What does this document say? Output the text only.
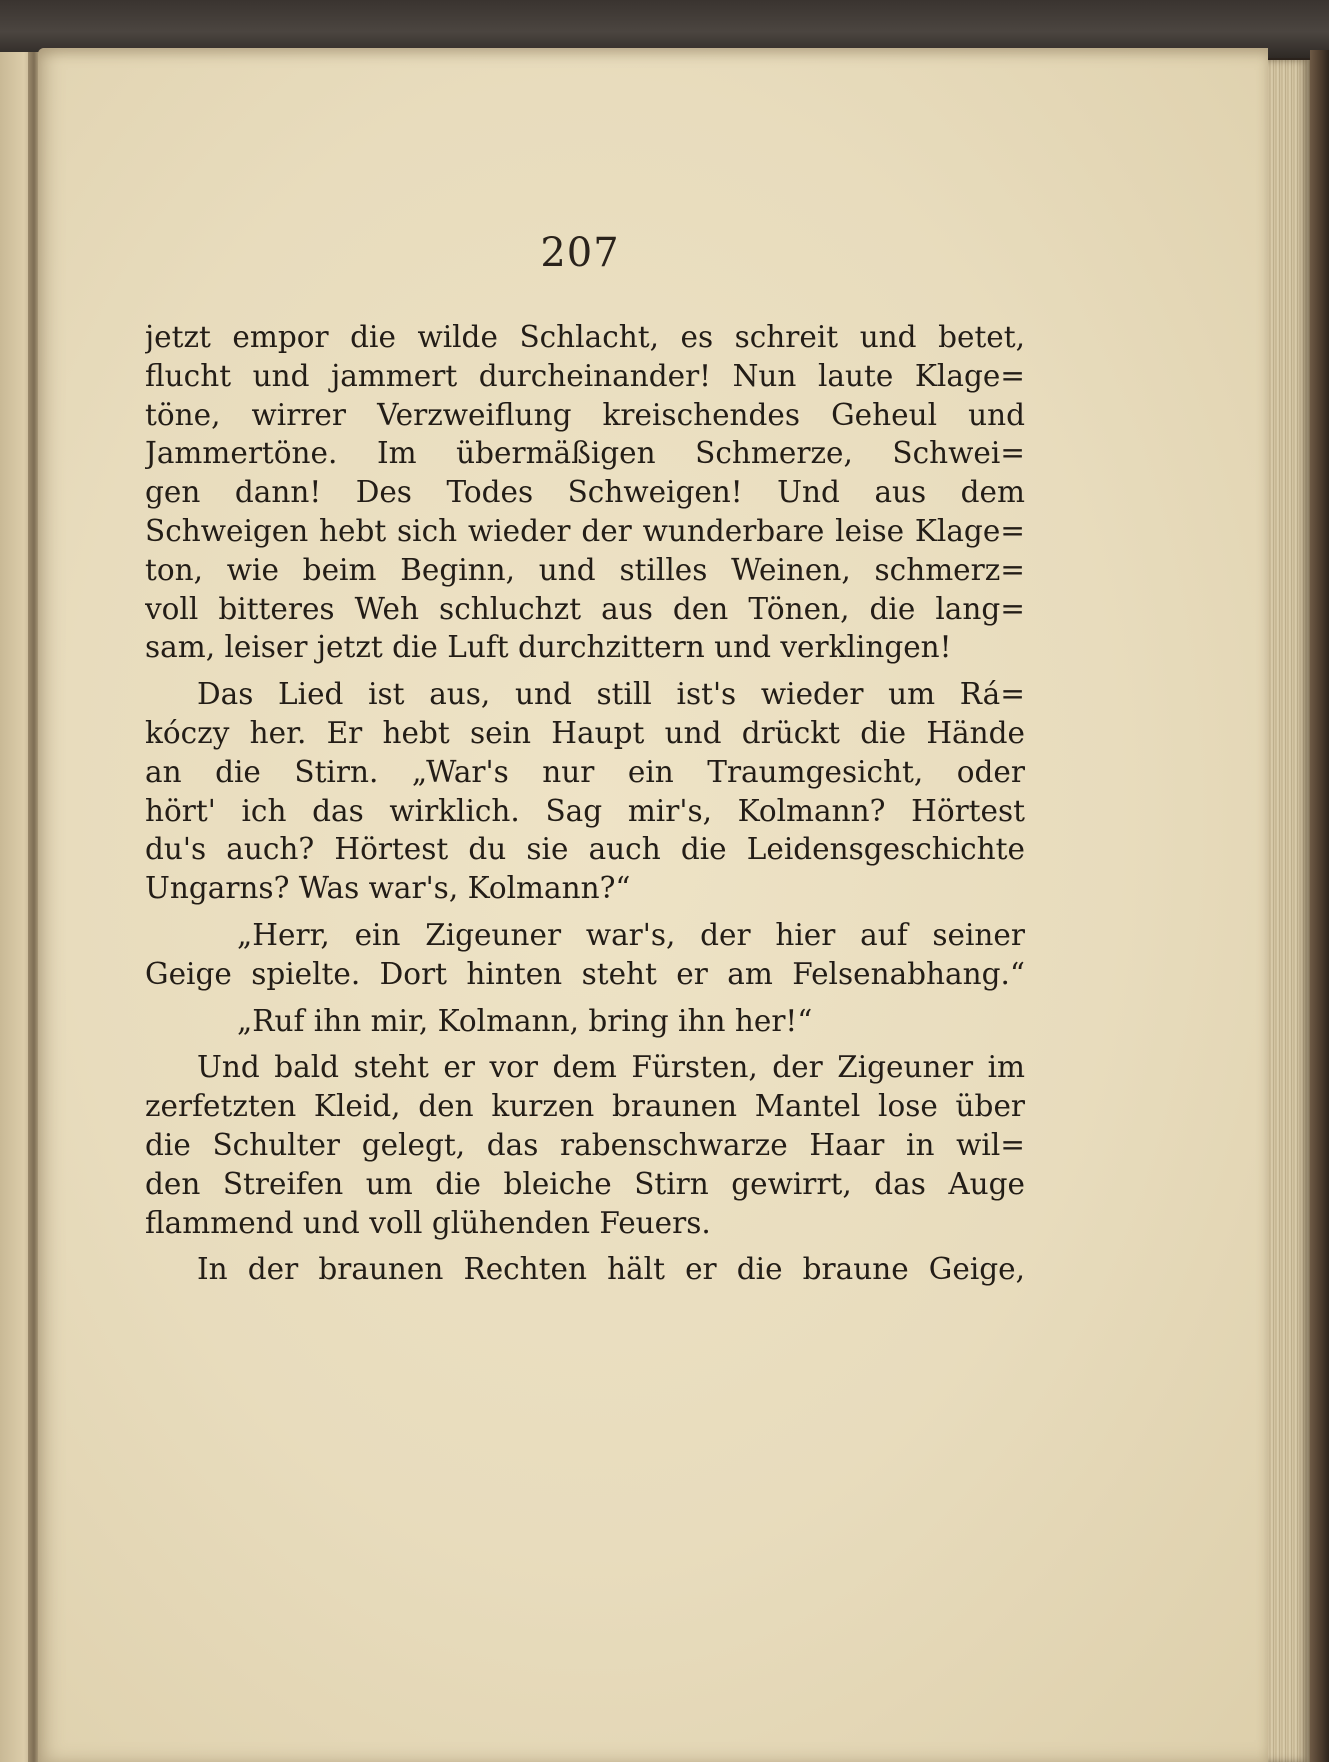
207
jetzt empor die wilde Schlacht, es schreit und betet,
flucht und jammert durcheinander! Nun laute Klage=
töne, wirrer Verzweiflung kreischendes Geheul und
Jammertöne. Im übermäßigen Schmerze, Schwei=
gen dann! Des Todes Schweigen! Und aus dem
Schweigen hebt sich wieder der wunderbare leise Klage=
ton, wie beim Beginn, und stilles Weinen, schmerz=
voll bitteres Weh schluchzt aus den Tönen, die lang=
sam, leiser jetzt die Luft durchzittern und verklingen!
Das Lied ist aus, und still ist's wieder um Rá=
kóczy her. Er hebt sein Haupt und drückt die Hände
an die Stirn. „War's nur ein Traumgesicht, oder
hört' ich das wirklich. Sag mir's, Kolmann? Hörtest
du's auch? Hörtest du sie auch die Leidensgeschichte
Ungarns? Was war's, Kolmann?“
„Herr, ein Zigeuner war's, der hier auf seiner
Geige spielte. Dort hinten steht er am Felsenabhang.“
„Ruf ihn mir, Kolmann, bring ihn her!“
Und bald steht er vor dem Fürsten, der Zigeuner im
zerfetzten Kleid, den kurzen braunen Mantel lose über
die Schulter gelegt, das rabenschwarze Haar in wil=
den Streifen um die bleiche Stirn gewirrt, das Auge
flammend und voll glühenden Feuers.
In der braunen Rechten hält er die braune Geige,
